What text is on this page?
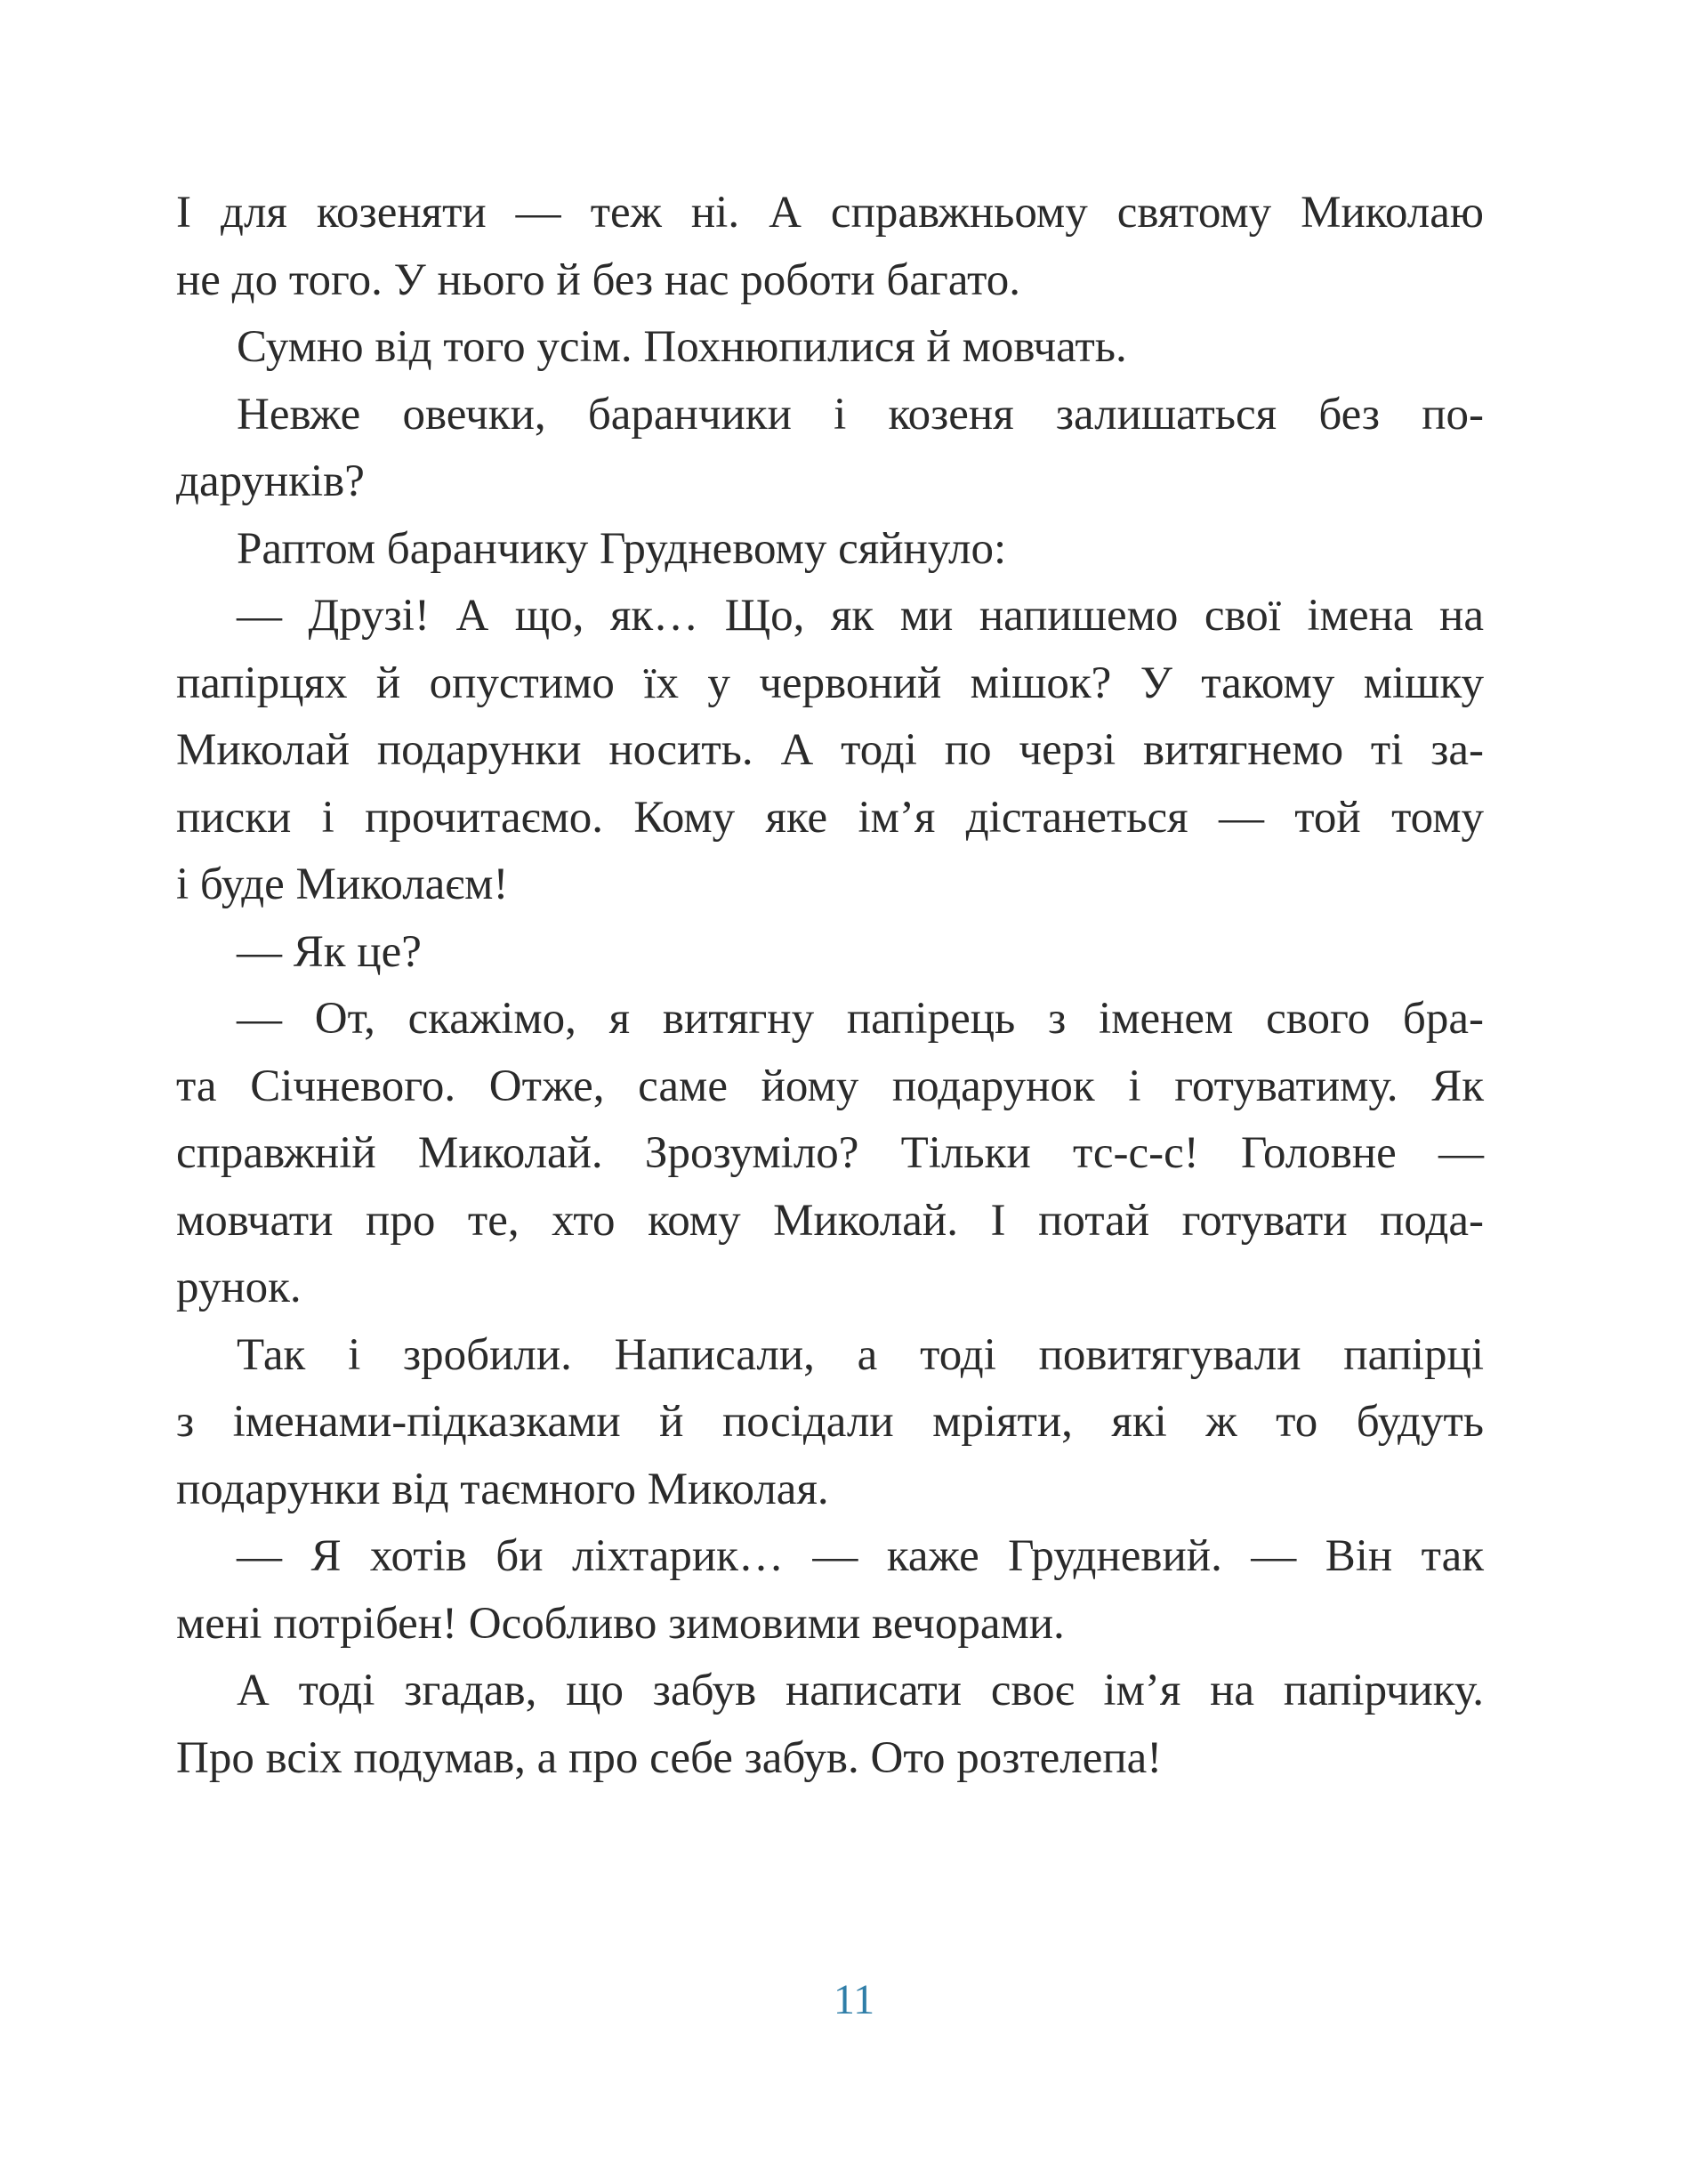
І для козеняти — теж ні. А справжньому святому Миколаю
не до того. У нього й без нас роботи багато.
Сумно від того усім. Похнюпилися й мовчать.
Невже овечки, баранчики і козеня залишаться без по-
дарунків?
Раптом баранчику Грудневому сяйнуло:
— Друзі! А що, як… Що, як ми напишемо свої імена на
папірцях й опустимо їх у червоний мішок? У такому мішку
Миколай подарунки носить. А тоді по черзі витягнемо ті за-
писки і прочитаємо. Кому яке ім’я дістанеться — той тому
і буде Миколаєм!
— Як це?
— От, скажімо, я витягну папірець з іменем свого бра-
та Січневого. Отже, саме йому подарунок і готуватиму. Як
справжній Миколай. Зрозуміло? Тільки тс-с-с! Головне —
мовчати про те, хто кому Миколай. І потай готувати пода-
рунок.
Так і зробили. Написали, а тоді повитягували папірці
з іменами-підказками й посідали мріяти, які ж то будуть
подарунки від таємного Миколая.
— Я хотів би ліхтарик… — каже Грудневий. — Він так
мені потрібен! Особливо зимовими вечорами.
А тоді згадав, що забув написати своє ім’я на папірчику.
Про всіх подумав, а про себе забув. Ото розтелепа!
11
